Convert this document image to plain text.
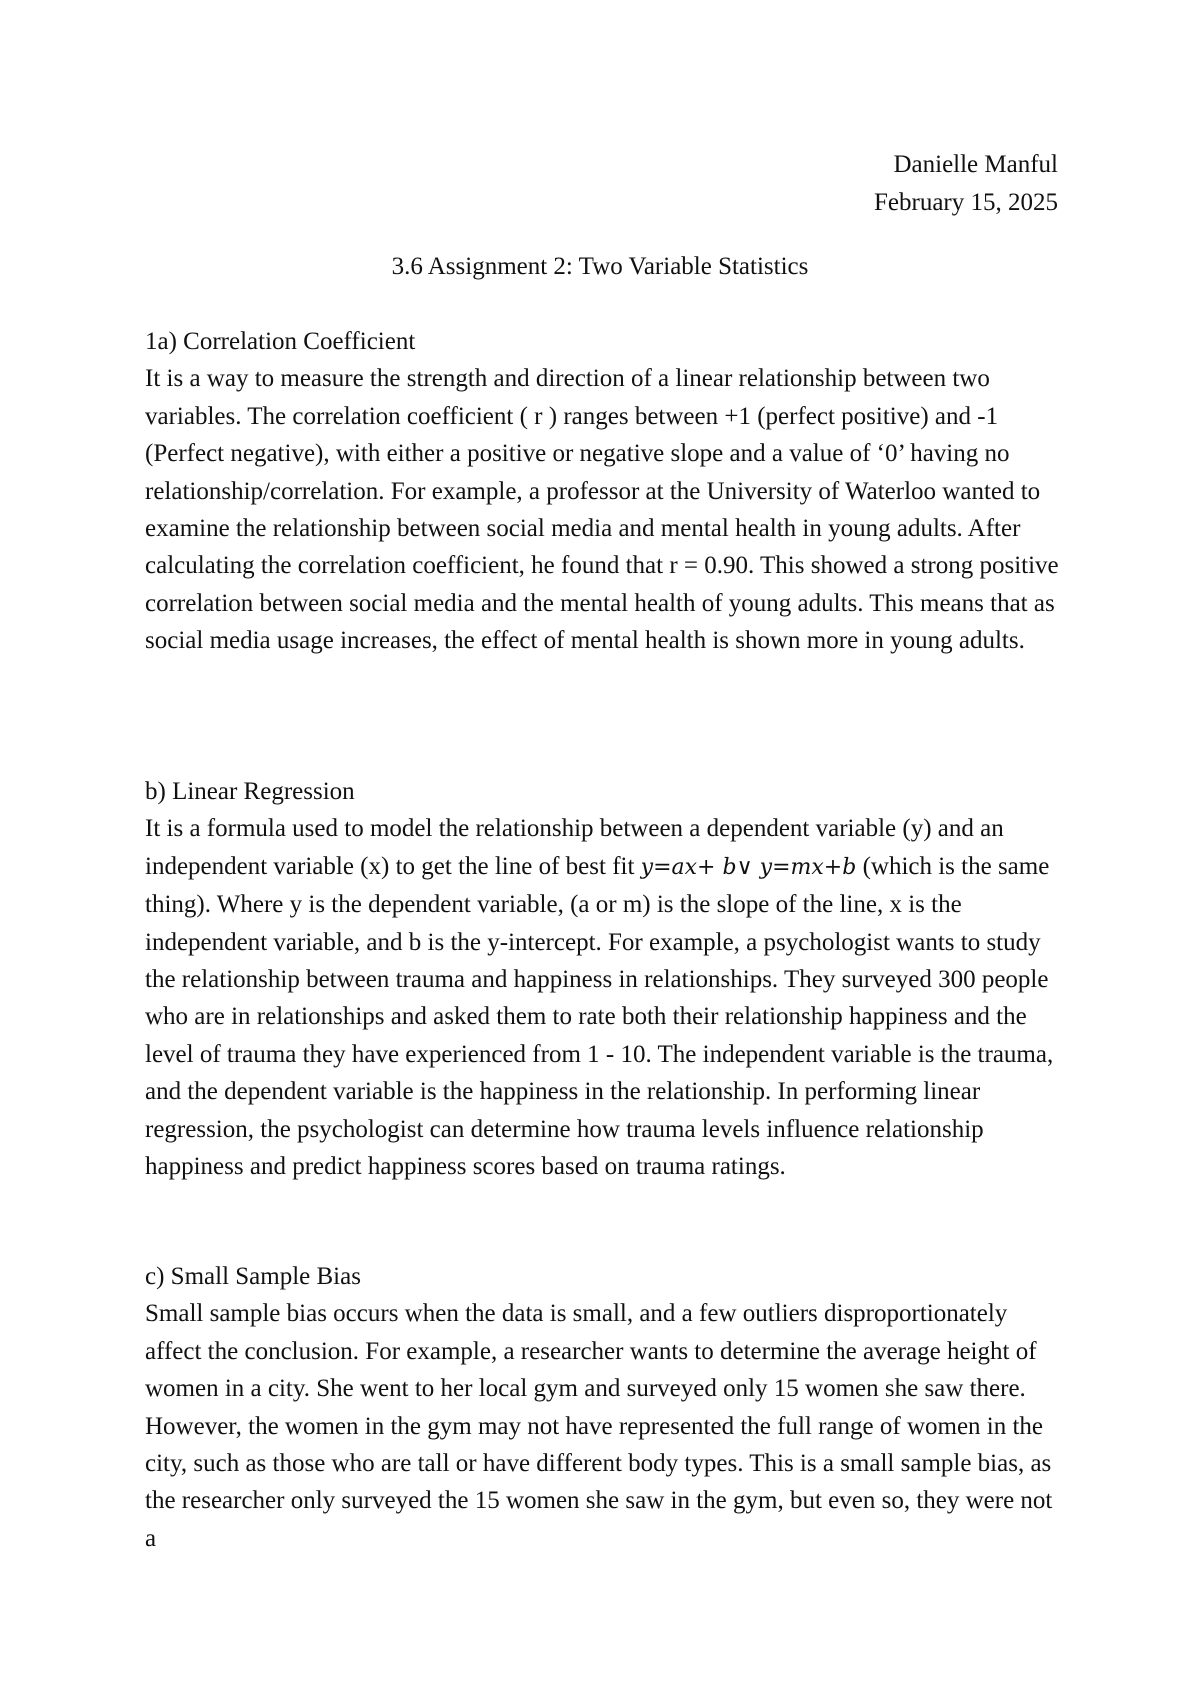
Danielle Manful
February 15, 2025
3.6 Assignment 2: Two Variable Statistics

1a) Correlation Coefficient

It is a way to measure the strength and direction of a linear relationship between two variables. The correlation coefficient ( r ) ranges between +1 (perfect positive) and -1 (Perfect negative), with either a positive or negative slope and a value of ‘0’ having no relationship/correlation. For example, a professor at the University of Waterloo wanted to examine the relationship between social media and mental health in young adults. After calculating the correlation coefficient, he found that r = 0.90. This showed a strong positive correlation between social media and the mental health of young adults. This means that as social media usage increases, the effect of mental health is shown more in young adults.

b) Linear Regression

It is a formula used to model the relationship between a dependent variable (y) and an independent variable (x) to get the line of best fit y=ax+ b∨ y=mx+b (which is the same thing). Where y is the dependent variable, (a or m) is the slope of the line, x is the independent variable, and b is the y-intercept. For example, a psychologist wants to study the relationship between trauma and happiness in relationships. They surveyed 300 people who are in relationships and asked them to rate both their relationship happiness and the level of trauma they have experienced from 1 - 10. The independent variable is the trauma, and the dependent variable is the happiness in the relationship. In performing linear regression, the psychologist can determine how trauma levels influence relationship happiness and predict happiness scores based on trauma ratings.

c) Small Sample Bias

Small sample bias occurs when the data is small, and a few outliers disproportionately affect the conclusion. For example, a researcher wants to determine the average height of women in a city. She went to her local gym and surveyed only 15 women she saw there. However, the women in the gym may not have represented the full range of women in the city, such as those who are tall or have different body types. This is a small sample bias, as the researcher only surveyed the 15 women she saw in the gym, but even so, they were not a
